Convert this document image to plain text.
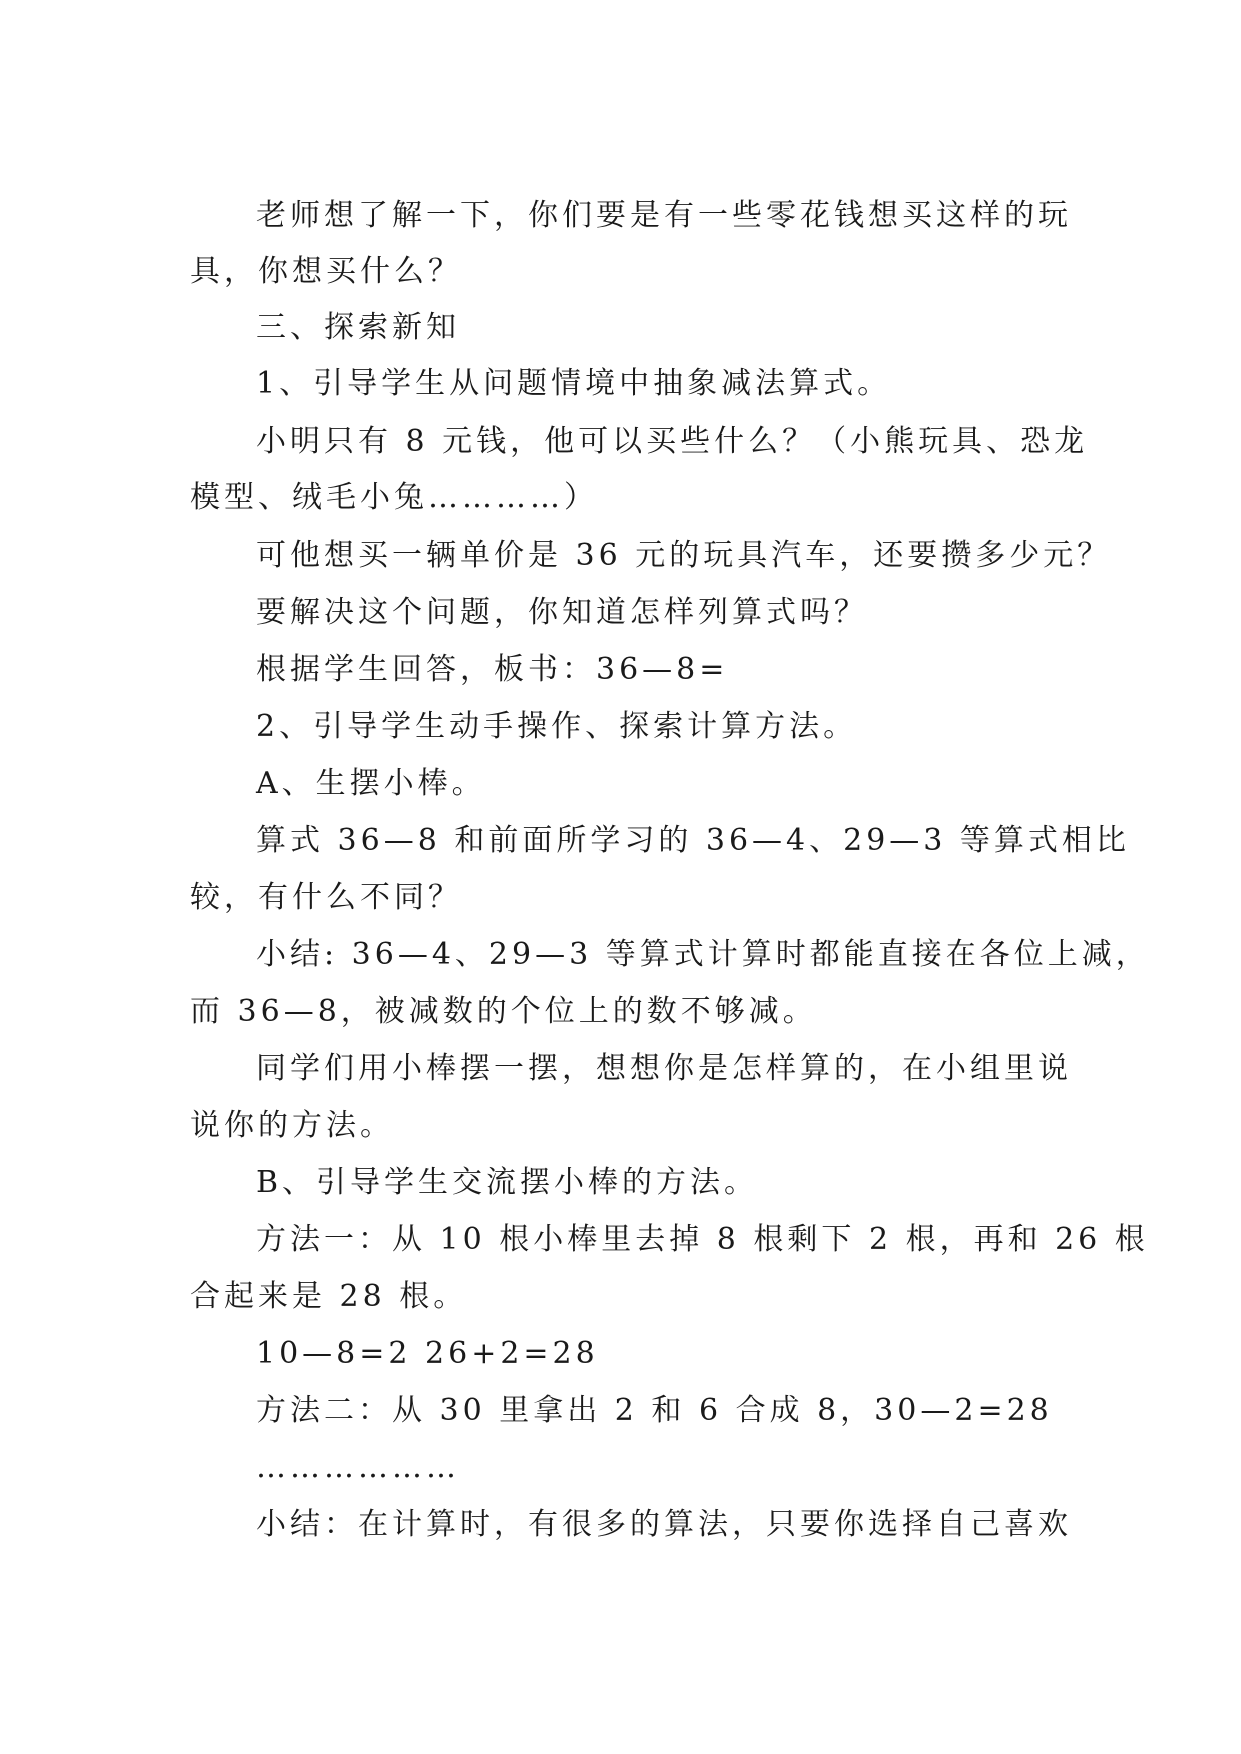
老师想了解一下，你们要是有一些零花钱想买这样的玩

具，你想买什么？

三、探索新知

1、引导学生从问题情境中抽象减法算式。

小明只有 8 元钱，他可以买些什么？（小熊玩具、恐龙

模型、绒毛小兔…………）

可他想买一辆单价是 36 元的玩具汽车，还要攒多少元？

要解决这个问题，你知道怎样列算式吗？

根据学生回答，板书：36—8=

2、引导学生动手操作、探索计算方法。

A、生摆小棒。

算式 36—8 和前面所学习的 36—4、29—3 等算式相比

较，有什么不同？

小结: 36—4、29—3 等算式计算时都能直接在各位上减，

而 36—8，被减数的个位上的数不够减。

同学们用小棒摆一摆，想想你是怎样算的，在小组里说

说你的方法。

B、引导学生交流摆小棒的方法。

方法一：从 10 根小棒里去掉 8 根剩下 2 根，再和 26 根

合起来是 28 根。

10—8=2 26+2=28

方法二：从 30 里拿出 2 和 6 合成 8，30—2=28

………………

小结：在计算时，有很多的算法，只要你选择自己喜欢
